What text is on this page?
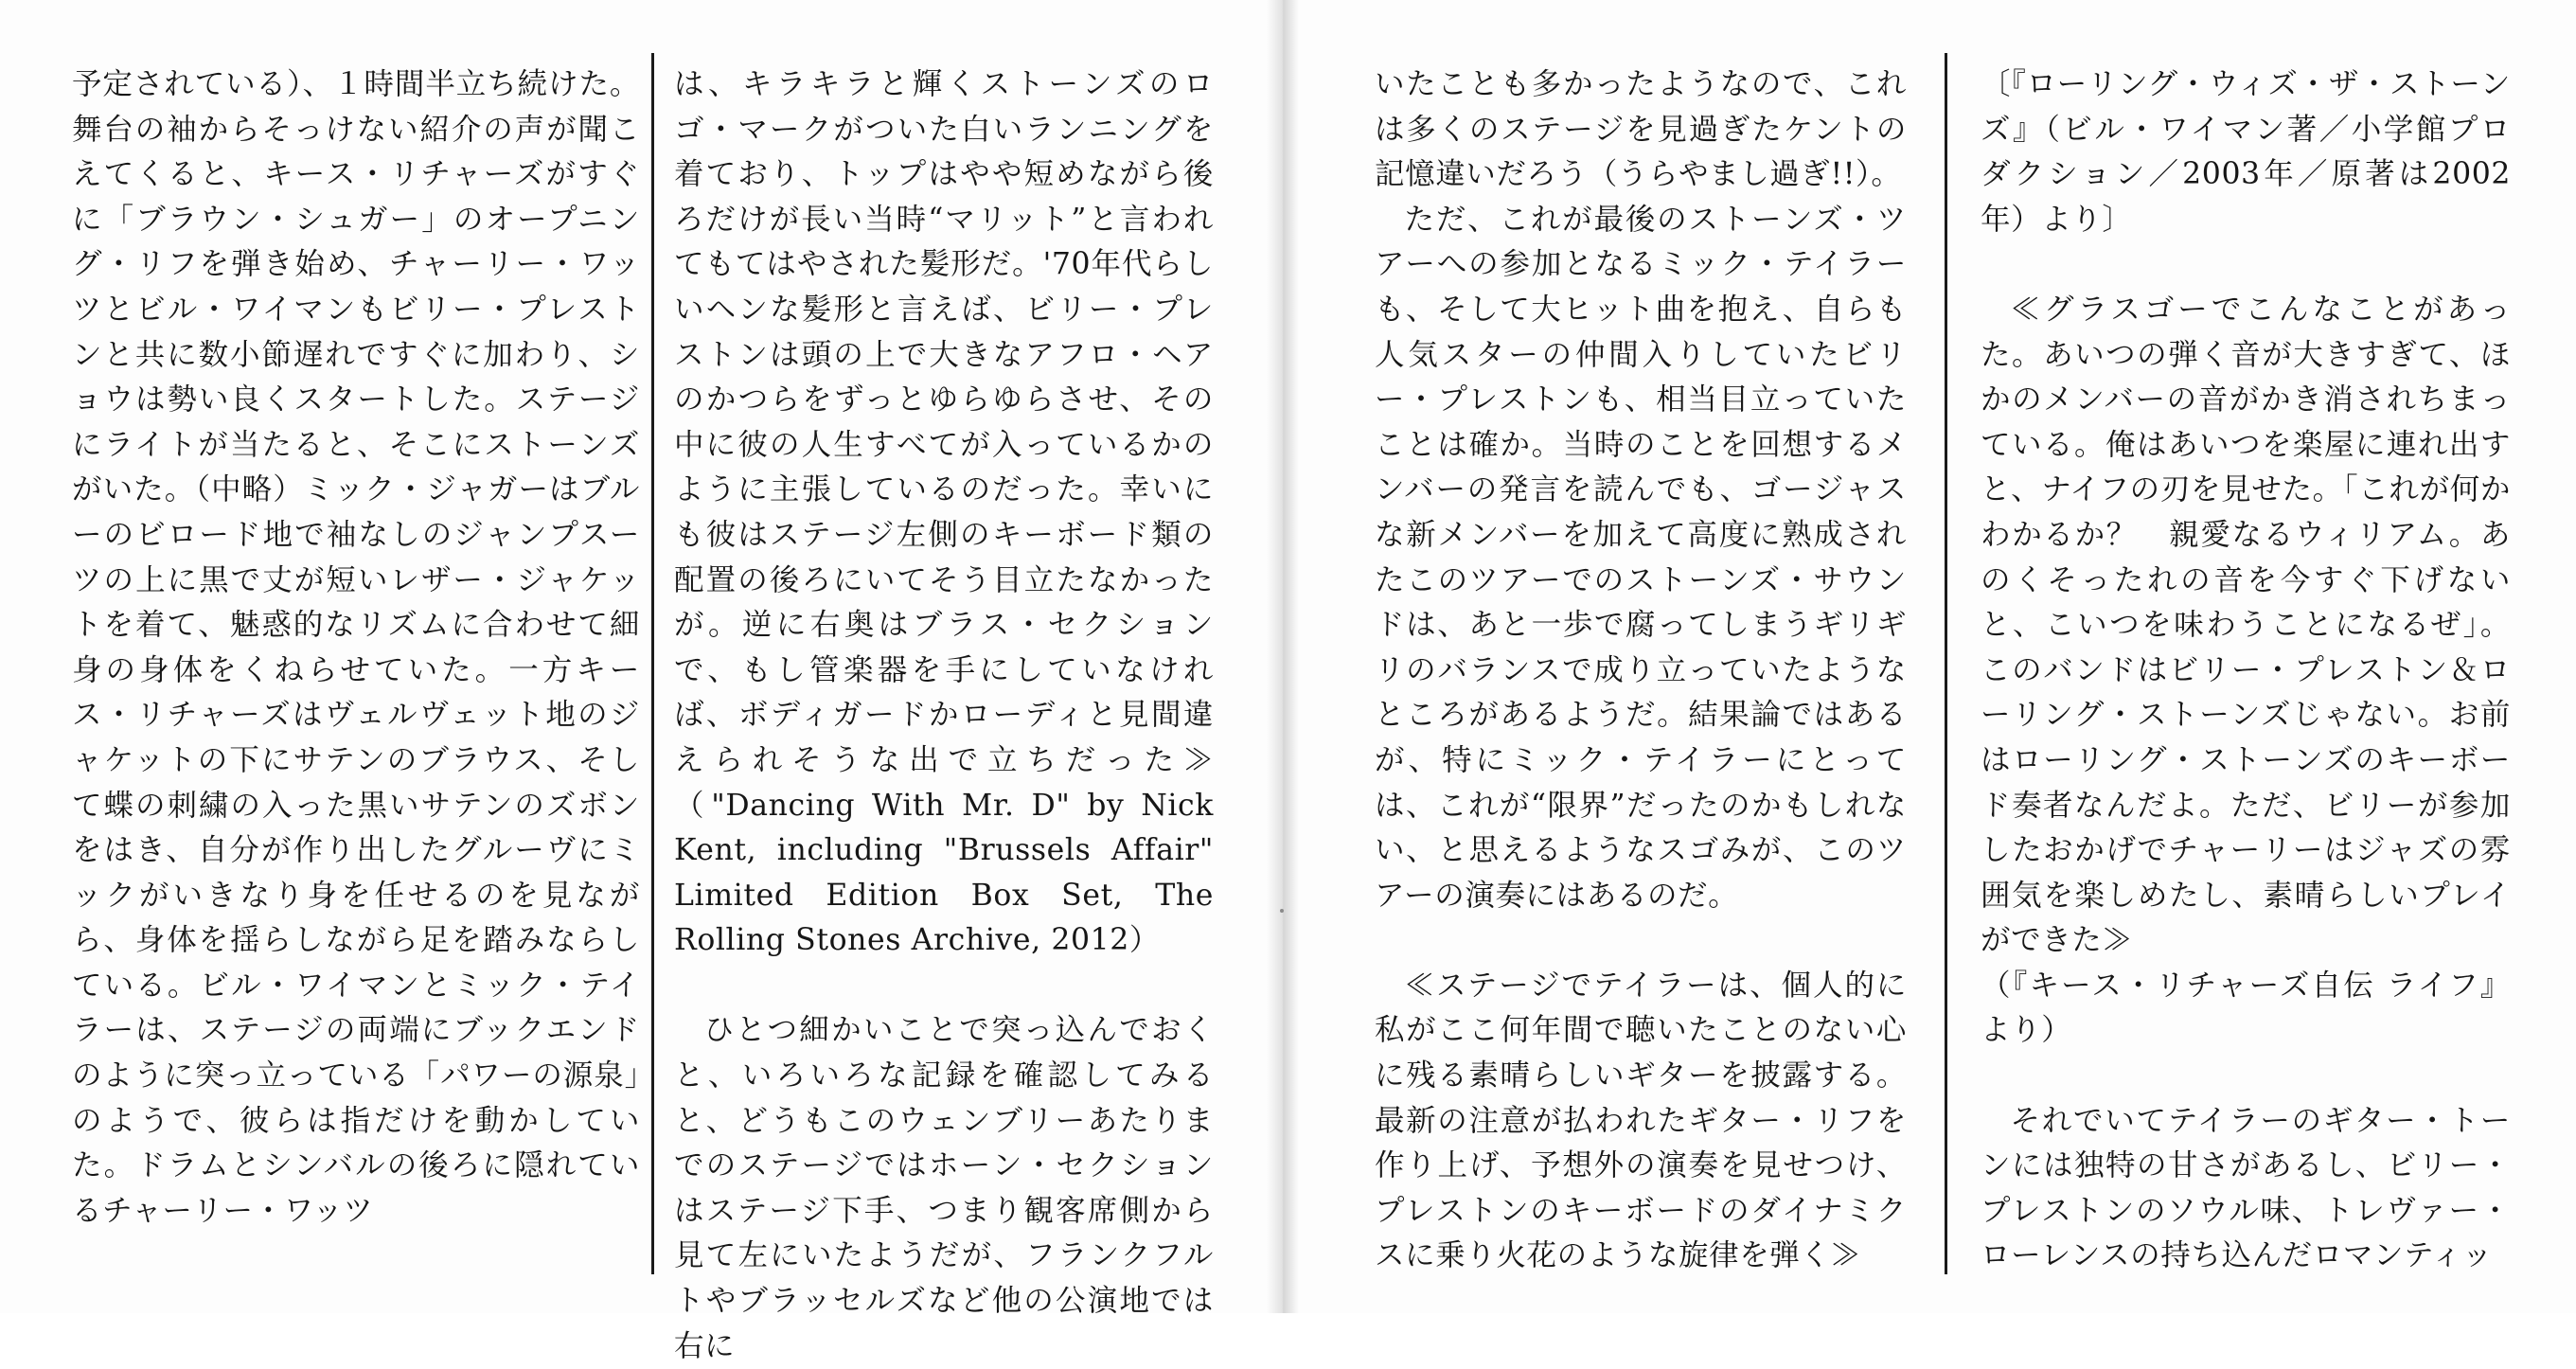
予定されている）、１時間半立ち続けた。舞台の袖からそっけない紹介の声が聞こえてくると、キース・リチャーズがすぐに「ブラウン・シュガー」のオープニング・リフを弾き始め、チャーリー・ワッツとビル・ワイマンもビリー・プレストンと共に数小節遅れですぐに加わり、ショウは勢い良くスタートした。ステージにライトが当たると、そこにストーンズがいた。（中略）ミック・ジャガーはブルーのビロード地で袖なしのジャンプスーツの上に黒で丈が短いレザー・ジャケットを着て、魅惑的なリズムに合わせて細身の身体をくねらせていた。一方キース・リチャーズはヴェルヴェット地のジャケットの下にサテンのブラウス、そして蝶の刺繍の入った黒いサテンのズボンをはき、自分が作り出したグルーヴにミックがいきなり身を任せるのを見ながら、身体を揺らしながら足を踏みならしている。ビル・ワイマンとミック・テイラーは、ステージの両端にブックエンドのように突っ立っている「パワーの源泉」のようで、彼らは指だけを動かしていた。ドラムとシンバルの後ろに隠れているチャーリー・ワッツ

は、キラキラと輝くストーンズのロゴ・マークがついた白いランニングを着ており、トップはやや短めながら後ろだけが長い当時“マリット”と言われてもてはやされた髪形だ。'70年代らしいヘンな髪形と言えば、ビリー・プレストンは頭の上で大きなアフロ・ヘアのかつらをずっとゆらゆらさせ、その中に彼の人生すべてが入っているかのように主張しているのだった。幸いにも彼はステージ左側のキーボード類の配置の後ろにいてそう目立たなかったが。逆に右奥はブラス・セクションで、もし管楽器を手にしていなければ、ボディガードかローディと見間違えられそうな出で立ちだった≫（"Dancing With Mr. D" by Nick Kent, including "Brussels Affair" Limited Edition Box Set, The Rolling Stones Archive, 2012）

ひとつ細かいことで突っ込んでおくと、いろいろな記録を確認してみると、どうもこのウェンブリーあたりまでのステージではホーン・セクションはステージ下手、つまり観客席側から見て左にいたようだが、フランクフルトやブラッセルズなど他の公演地では右に

いたことも多かったようなので、これは多くのステージを見過ぎたケントの記憶違いだろう（うらやまし過ぎ!!）。

ただ、これが最後のストーンズ・ツアーへの参加となるミック・テイラーも、そして大ヒット曲を抱え、自らも人気スターの仲間入りしていたビリー・プレストンも、相当目立っていたことは確か。当時のことを回想するメンバーの発言を読んでも、ゴージャスな新メンバーを加えて高度に熟成されたこのツアーでのストーンズ・サウンドは、あと一歩で腐ってしまうギリギリのバランスで成り立っていたようなところがあるようだ。結果論ではあるが、特にミック・テイラーにとっては、これが“限界”だったのかもしれない、と思えるようなスゴみが、このツアーの演奏にはあるのだ。

≪ステージでテイラーは、個人的に私がここ何年間で聴いたことのない心に残る素晴らしいギターを披露する。最新の注意が払われたギター・リフを作り上げ、予想外の演奏を見せつけ、プレストンのキーボードのダイナミクスに乗り火花のような旋律を弾く≫

〔『ローリング・ウィズ・ザ・ストーンズ』（ビル・ワイマン著／小学館プロダクション／2003年／原著は2002年）より〕

≪グラスゴーでこんなことがあった。あいつの弾く音が大きすぎて、ほかのメンバーの音がかき消されちまっている。俺はあいつを楽屋に連れ出すと、ナイフの刃を見せた。「これが何かわかるか？　親愛なるウィリアム。あのくそったれの音を今すぐ下げないと、こいつを味わうことになるぜ」。このバンドはビリー・プレストン＆ローリング・ストーンズじゃない。お前はローリング・ストーンズのキーボード奏者なんだよ。ただ、ビリーが参加したおかげでチャーリーはジャズの雰囲気を楽しめたし、素晴らしいプレイができた≫
（『キース・リチャーズ自伝 ライフ』より）

それでいてテイラーのギター・トーンには独特の甘さがあるし、ビリー・プレストンのソウル味、トレヴァー・ローレンスの持ち込んだロマンティッ
